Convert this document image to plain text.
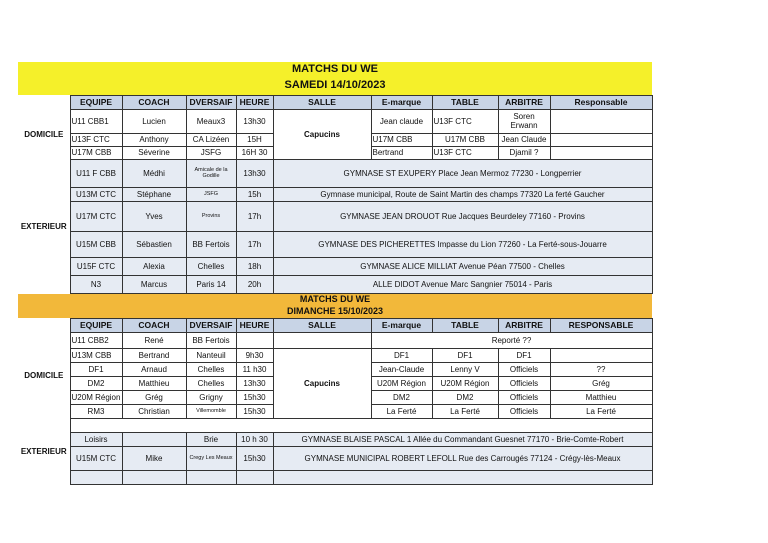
MATCHS DU WE									
SAMEDI 14/10/2023									
	EQUIPE	COACH	DVERSAIF	HEURE	SALLE	E-marque	TABLE	ARBITRE	Responsable
DOMICILE	U11 CBB1	Lucien	Meaux3	13h30	Capucins	Jean claude	U13F CTC	Soren Erwann	
	U13F CTC	Anthony	CA Lizéen	15H		U17M CBB	U17M CBB	Jean Claude	
	U17M CBB	Séverine	JSFG	16H 30		Bertrand	U13F CTC	Djamil ?	
EXTERIEUR	U11 F CBB	Médhi	Amicale de la Godille	13h30	GYMNASE ST EXUPERY Place Jean Mermoz 77230 - Longperrier				
	U13M CTC	Stéphane	JSFG	15h	Gymnase municipal, Route de Saint Martin des champs 77320 La ferté Gaucher				
	U17M CTC	Yves	Provins	17h	GYMNASE JEAN DROUOT Rue Jacques Beurdeley 77160 - Provins				
	U15M CBB	Sébastien	BB Fertois	17h	GYMNASE DES PICHERETTES Impasse du Lion 77260 - La Ferté-sous-Jouarre				
	U15F CTC	Alexia	Chelles	18h	GYMNASE ALICE MILLIAT Avenue Péan 77500 - Chelles				
	N3	Marcus	Paris 14	20h	ALLE DIDOT Avenue Marc Sangnier 75014 - Paris				
MATCHS DU WE									
DIMANCHE 15/10/2023									
	EQUIPE	COACH	DVERSAIF	HEURE	SALLE	E-marque	TABLE	ARBITRE	RESPONSABLE
DOMICILE	U11 CBB2	René	BB Fertois			Reporté ??			
	U13M CBB	Bertrand	Nanteuil	9h30	Capucins	DF1	DF1	DF1	
	DF1	Arnaud	Chelles	11 h30		Jean-Claude	Lenny V	Officiels	??
	DM2	Matthieu	Chelles	13h30		U20M Région	U20M Région	Officiels	Grég
	U20M Région	Grég	Grigny	15h30		DM2	DM2	Officiels	Matthieu
	RM3	Christian	Villemomble	15h30		La Ferté	La Ferté	Officiels	La Ferté
EXTERIEUR									
	Loisirs		Brie	10 h 30	GYMNASE BLAISE PASCAL 1 Allée du Commandant Guesnet 77170 - Brie-Comte-Robert				
	U15M CTC	Mike	Cregy Les Meaux	15h30	GYMNASE MUNICIPAL ROBERT LEFOLL Rue des Carrougés 77124 - Crégy-lès-Meaux				
